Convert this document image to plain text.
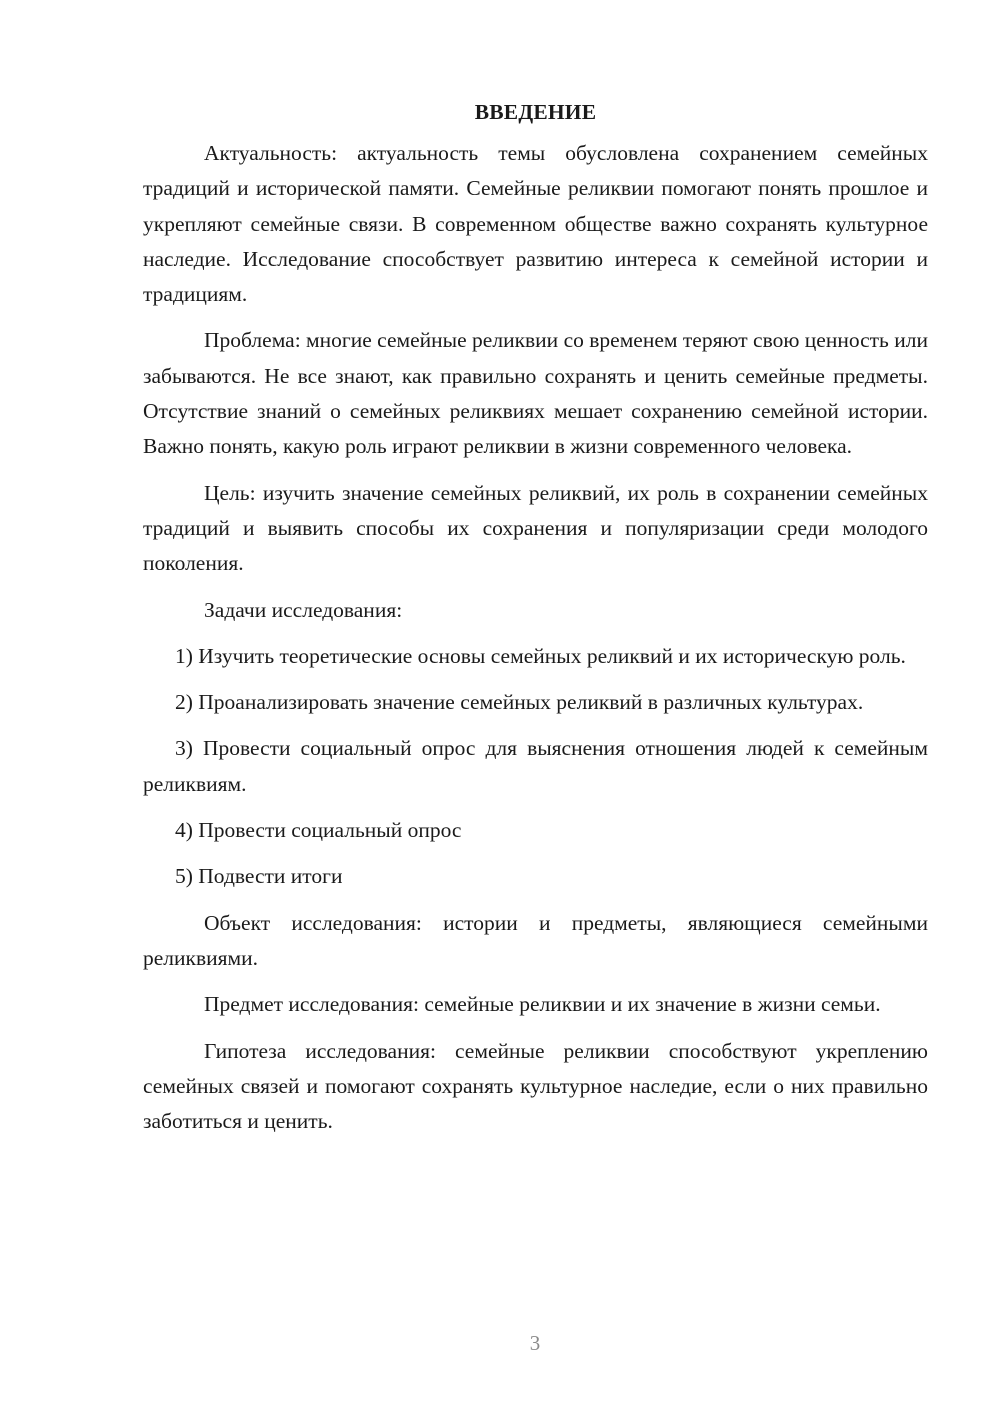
ВВЕДЕНИЕ

Актуальность: актуальность темы обусловлена сохранением семейных традиций и исторической памяти. Семейные реликвии помогают понять прошлое и укрепляют семейные связи. В современном обществе важно сохранять культурное наследие. Исследование способствует развитию интереса к семейной истории и традициям.

Проблема: многие семейные реликвии со временем теряют свою ценность или забываются. Не все знают, как правильно сохранять и ценить семейные предметы. Отсутствие знаний о семейных реликвиях мешает сохранению семейной истории. Важно понять, какую роль играют реликвии в жизни современного человека.

Цель: изучить значение семейных реликвий, их роль в сохранении семейных традиций и выявить способы их сохранения и популяризации среди молодого поколения.

Задачи исследования:

1) Изучить теоретические основы семейных реликвий и их историческую роль.

2) Проанализировать значение семейных реликвий в различных культурах.

3) Провести социальный опрос для выяснения отношения людей к семейным реликвиям.

4) Провести социальный опрос

5) Подвести итоги

Объект исследования: истории и предметы, являющиеся семейными реликвиями.

Предмет исследования: семейные реликвии и их значение в жизни семьи.

Гипотеза исследования: семейные реликвии способствуют укреплению семейных связей и помогают сохранять культурное наследие, если о них правильно заботиться и ценить.

3
